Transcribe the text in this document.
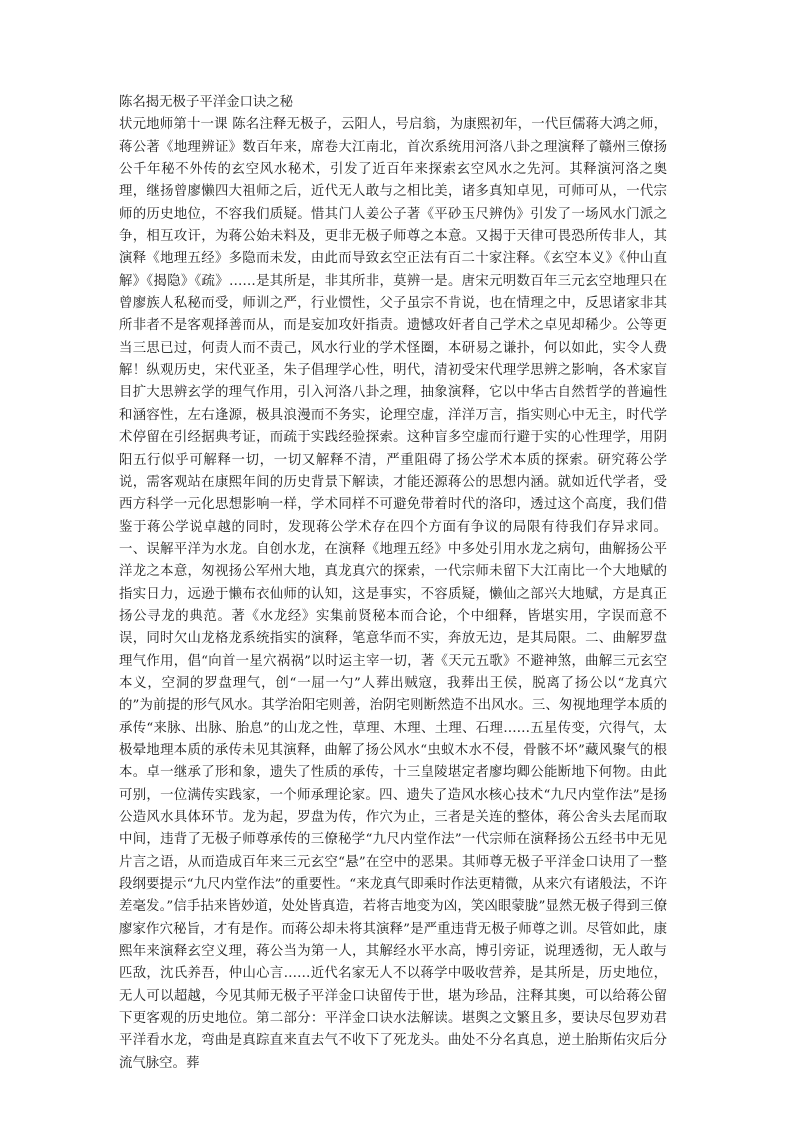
陈名揭无极子平洋金口诀之秘

状元地师第十一课 陈名注释无极子，云阳人，号启翁，为康熙初年，一代巨儒蒋大鸿之师，蒋公著《地理辨证》数百年来，席卷大江南北，首次系统用河洛八卦之理演释了赣州三僚扬公千年秘不外传的玄空风水秘术，引发了近百年来探索玄空风水之先河。其释演河洛之奥理，继扬曾廖懒四大祖师之后，近代无人敢与之相比美，诸多真知卓见，可师可从，一代宗师的历史地位，不容我们质疑。惜其门人姜公子著《平砂玉尺辨伪》引发了一场风水门派之争，相互攻讦，为蒋公始未料及，更非无极子师尊之本意。又揭于天律可畏恐所传非人，其演释《地理五经》多隐而未发，由此而导致玄空正法有百二十家注释。《玄空本义》《仲山直解》《揭隐》《疏》……是其所是，非其所非，莫辨一是。唐宋元明数百年三元玄空地理只在曾廖族人私秘而受，师训之严，行业惯性，父子虽宗不肯说，也在情理之中，反思诸家非其所非者不是客观择善而从，而是妄加攻奸指责。遗憾攻奸者自己学术之卓见却稀少。公等更当三思已过，何责人而不责己，风水行业的学术怪圈，本研易之谦扑，何以如此，实令人费解！纵观历史，宋代亚圣，朱子倡理学心性，明代，清初受宋代理学思辨之影响，各术家盲目扩大思辨玄学的理气作用，引入河洛八卦之理，抽象演释，它以中华古自然哲学的普遍性和涵容性，左右逢源，极具浪漫而不务实，论理空虚，洋洋万言，指实则心中无主，时代学术停留在引经据典考证，而疏于实践经验探索。这种盲多空虚而行避于实的心性理学，用阴阳五行似乎可解释一切，一切又解释不清，严重阻碍了扬公学术本质的探索。研究蒋公学说，需客观站在康熙年间的历史背景下解读，才能还源蒋公的思想内涵。就如近代学者，受西方科学一元化思想影响一样，学术同样不可避免带着时代的洛印，透过这个高度，我们借鉴于蒋公学说卓越的同时，发现蒋公学术存在四个方面有争议的局限有待我们存异求同。一、误解平洋为水龙。自创水龙，在演释《地理五经》中多处引用水龙之病句，曲解扬公平洋龙之本意，匆视扬公军州大地，真龙真穴的探索，一代宗师未留下大江南比一个大地赋的指实日力，远逊于懒布衣仙师的认知，这是事实，不容质疑，懒仙之部兴大地赋，方是真正扬公寻龙的典范。著《水龙经》实集前贤秘本而合论，个中细释，皆堪实用，字误而意不误，同时欠山龙格龙系统指实的演释，笔意华而不实，奔放无边，是其局限。二、曲解罗盘理气作用，倡“向首一星穴祸祸”以时运主宰一切，著《天元五歌》不避神煞，曲解三元玄空本义，空洞的罗盘理气，创“一屈一勺”人葬出贼寇，我葬出王侯，脱离了扬公以“龙真穴的”为前提的形气风水。其学治阳宅则善，治阴宅则断然造不出风水。三、匆视地理学本质的承传“来脉、出脉、胎息”的山龙之性，草理、木理、土理、石理……五星传变，穴得气，太极晕地理本质的承传未见其演释，曲解了扬公风水“虫蚁木水不侵，骨骸不坏”藏风聚气的根本。卓一继承了形和象，遗失了性质的承传，十三皇陵堪定者廖均卿公能断地下何物。由此可别，一位满传实践家，一个师承理论家。四、遗失了造风水核心技术“九尺内堂作法”是扬公造风水具体环节。龙为起，罗盘为传，作穴为止，三者是关连的整体，蒋公舍头去尾而取中间，违背了无极子师尊承传的三僚秘学“九尺内堂作法”一代宗师在演释扬公五经书中无见片言之语，从而造成百年来三元玄空“悬”在空中的恶果。其师尊无极子平洋金口诀用了一整段纲要提示“九尺内堂作法”的重要性。“来龙真气即乘时作法更精微，从来穴有诸般法，不许差毫发。”信手拈来皆妙道，处处皆真造，若将吉地变为凶，笑凶眼蒙胧”显然无极子得到三僚廖家作穴秘旨，才有是作。而蒋公却未将其演释”是严重违背无极子师尊之训。尽管如此，康熙年来演释玄空义理，蒋公当为第一人，其解经水平水高，博引旁证，说理透彻，无人敢与匹敌，沈氏养吾，仲山心言……近代名家无人不以蒋学中吸收营养，是其所是，历史地位，无人可以超越，今见其师无极子平洋金口诀留传于世，堪为珍品，注释其奥，可以给蒋公留下更客观的历史地位。第二部分：平洋金口诀水法解读。堪舆之文繁且多，要诀尽包罗劝君平洋看水龙，弯曲是真踪直来直去气不收下了死龙头。曲处不分名真息，逆土胎斯佑灾后分流气脉空。葬
